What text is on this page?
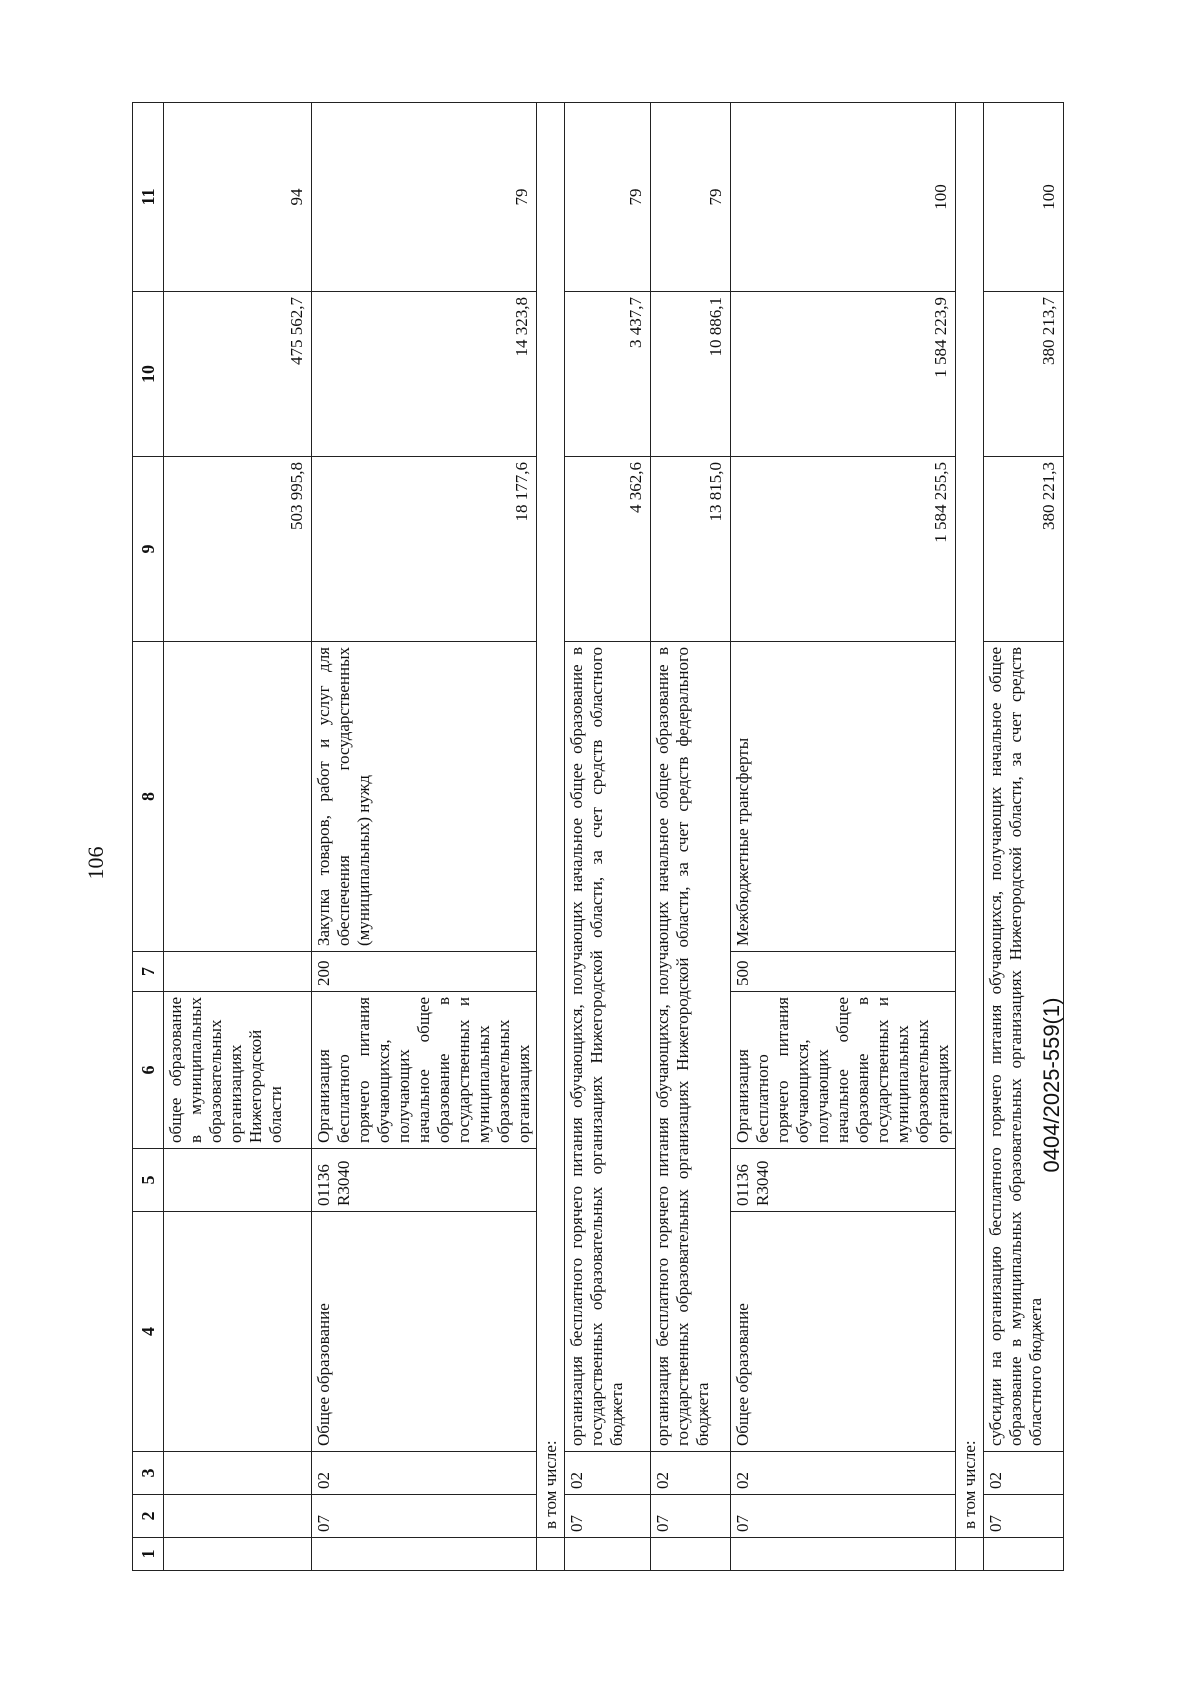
106
1	2	3	4	5	6	7	8	9	10	11
					общее образование в муниципальных образовательных организациях Нижегородской области			503 995,8	475 562,7	94
	07	02	Общее образование	01136 R3040	Организация бесплатного горячего питания обучающихся, получающих начальное общее образование в государственных и муниципальных образовательных организациях	200	Закупка товаров, работ и услуг для обеспечения государственных (муниципальных) нужд	18 177,6	14 323,8	79
	в том числе:									
	07	02	организация бесплатного горячего питания обучающихся, получающих начальное общее образование в государственных образовательных организациях Нижегородской области, за счет средств областного бюджета					4 362,6	3 437,7	79
	07	02	организация бесплатного горячего питания обучающихся, получающих начальное общее образование в государственных образовательных организациях Нижегородской области, за счет средств федерального бюджета					13 815,0	10 886,1	79
	07	02	Общее образование	01136 R3040	Организация бесплатного горячего питания обучающихся, получающих начальное общее образование в государственных и муниципальных образовательных организациях	500	Межбюджетные трансферты	1 584 255,5	1 584 223,9	100
	в том числе:									
	07	02	субсидии на организацию бесплатного горячего питания обучающихся, получающих начальное общее образование в муниципальных образовательных организациях Нижегородской области, за счет средств областного бюджета					380 221,3	380 213,7	100
0404/2025-559(1)
